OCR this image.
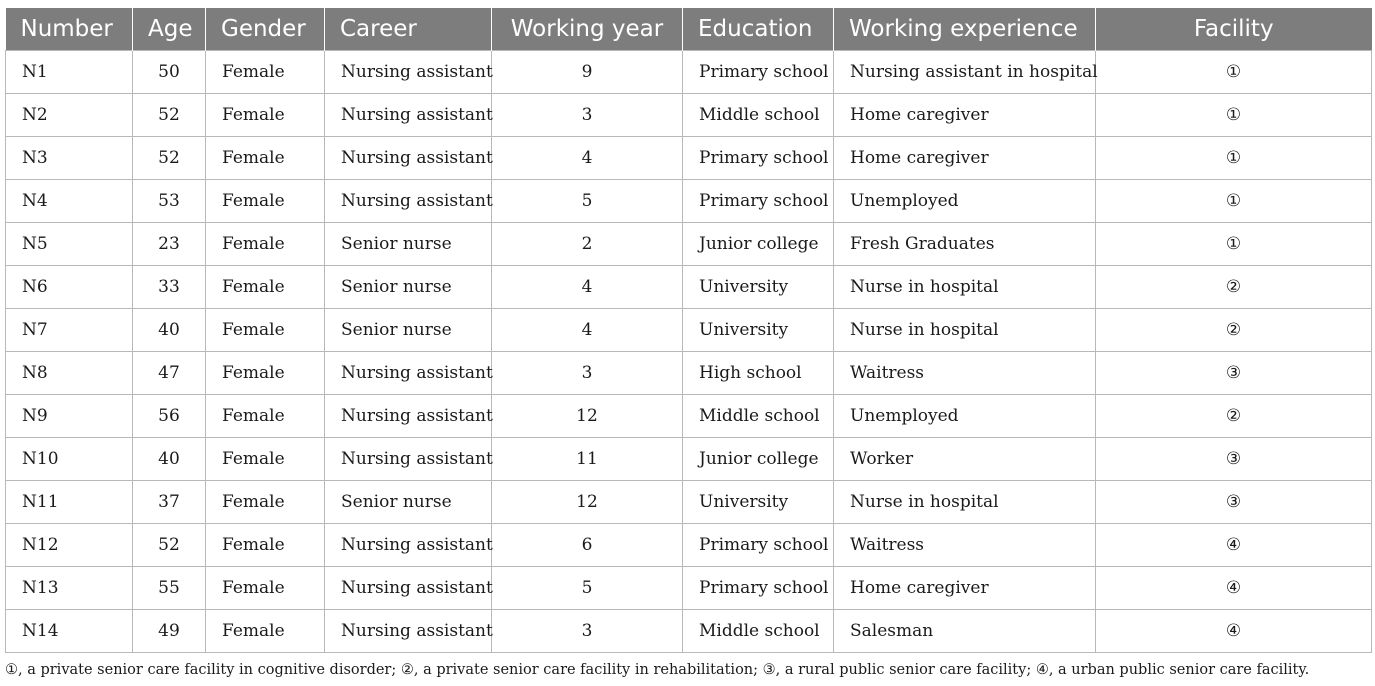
Number	Age	Gender	Career	Working year	Education	Working experience	Facility
N1	50	Female	Nursing assistant	9	Primary school	Nursing assistant in hospital	①
N2	52	Female	Nursing assistant	3	Middle school	Home caregiver	①
N3	52	Female	Nursing assistant	4	Primary school	Home caregiver	①
N4	53	Female	Nursing assistant	5	Primary school	Unemployed	①
N5	23	Female	Senior nurse	2	Junior college	Fresh Graduates	①
N6	33	Female	Senior nurse	4	University	Nurse in hospital	②
N7	40	Female	Senior nurse	4	University	Nurse in hospital	②
N8	47	Female	Nursing assistant	3	High school	Waitress	③
N9	56	Female	Nursing assistant	12	Middle school	Unemployed	②
N10	40	Female	Nursing assistant	11	Junior college	Worker	③
N11	37	Female	Senior nurse	12	University	Nurse in hospital	③
N12	52	Female	Nursing assistant	6	Primary school	Waitress	④
N13	55	Female	Nursing assistant	5	Primary school	Home caregiver	④
N14	49	Female	Nursing assistant	3	Middle school	Salesman	④
①, a private senior care facility in cognitive disorder; ②, a private senior care facility in rehabilitation; ③, a rural public senior care facility; ④, a urban public senior care facility.
